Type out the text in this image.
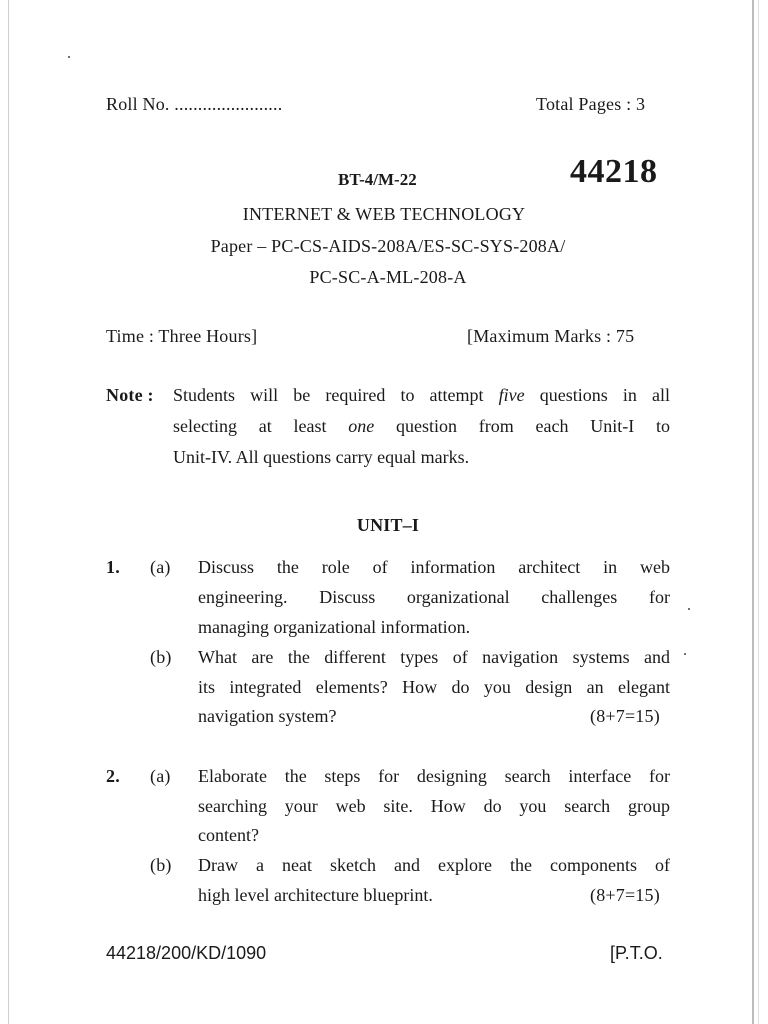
Roll No. .......................	Total Pages : 3
BT-4/M-22	44218
INTERNET & WEB TECHNOLOGY
Paper – PC-CS-AIDS-208A/ES-SC-SYS-208A/
PC-SC-A-ML-208-A
Time : Three Hours]	[Maximum Marks : 75
Note : Students will be required to attempt five questions in all
selecting at least one question from each Unit-I to
Unit-IV. All questions carry equal marks.
UNIT–I
1. (a) Discuss the role of information architect in web
engineering. Discuss organizational challenges for
managing organizational information.
(b) What are the different types of navigation systems and
its integrated elements? How do you design an elegant
navigation system?	(8+7=15)
2. (a) Elaborate the steps for designing search interface for
searching your web site. How do you search group
content?
(b) Draw a neat sketch and explore the components of
high level architecture blueprint.	(8+7=15)
44218/200/KD/1090	[P.T.O.
